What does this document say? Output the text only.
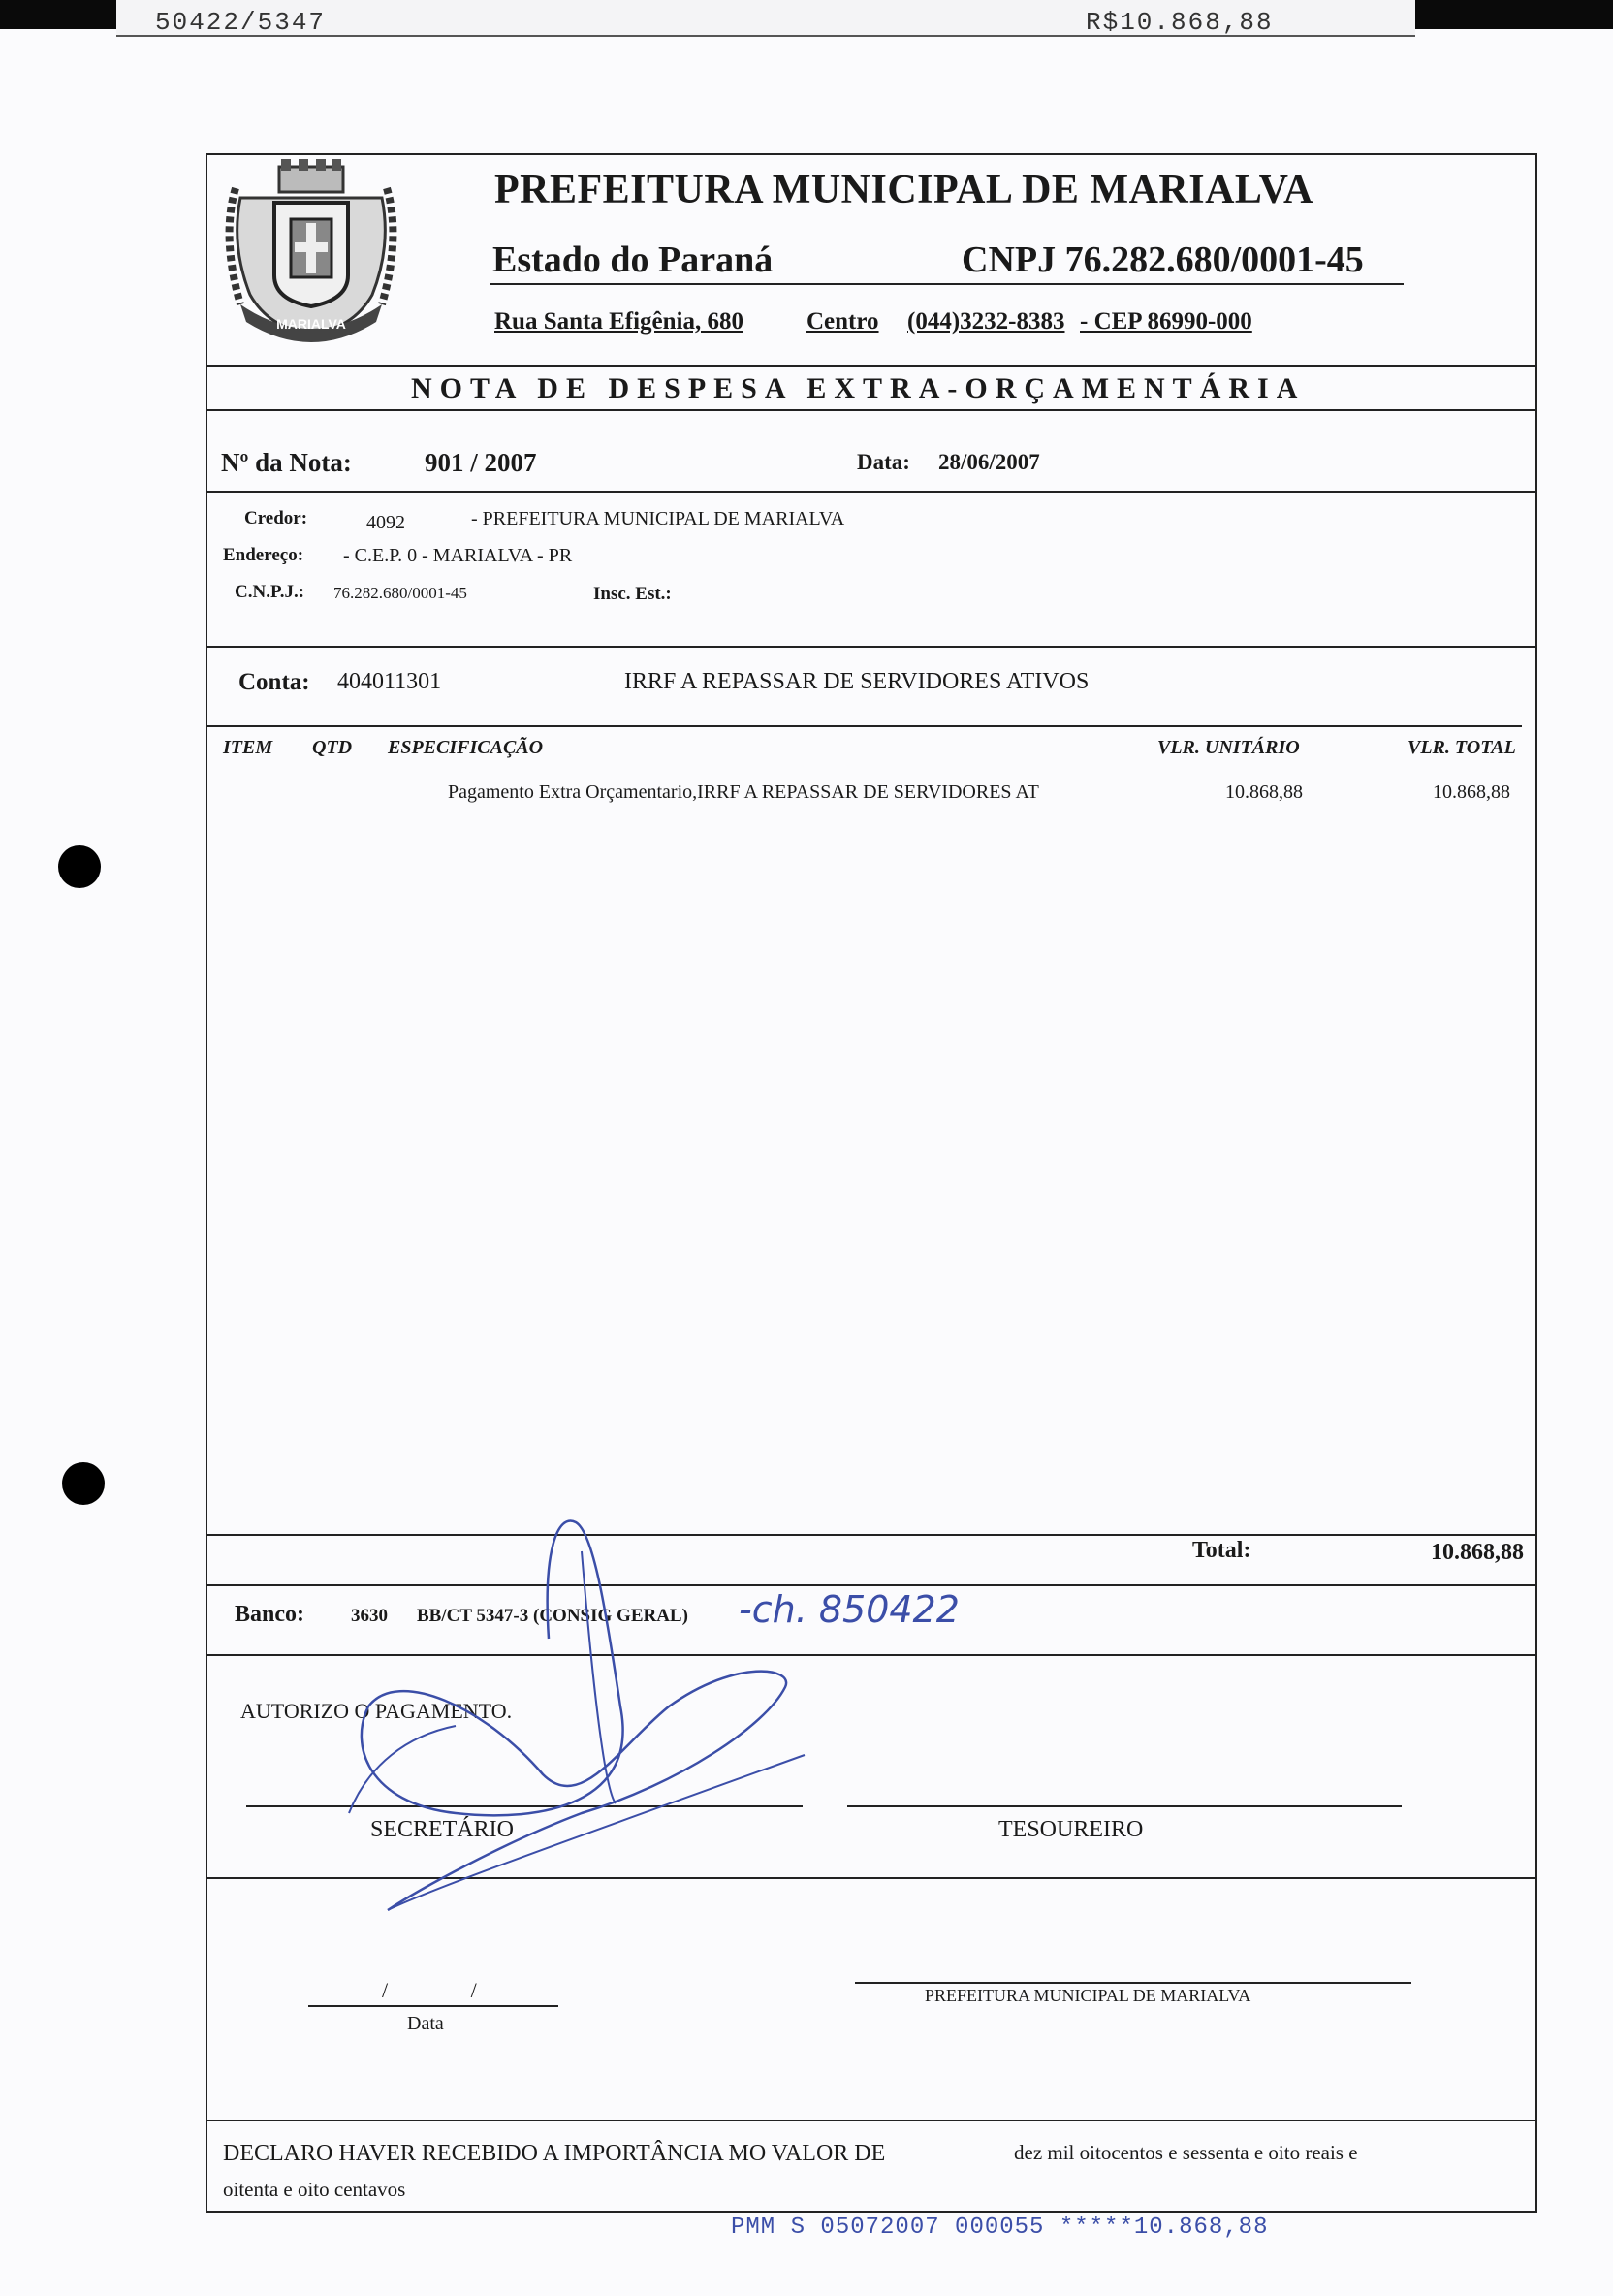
50422/5347	R$10.868,88
MARIALVA
PREFEITURA MUNICIPAL DE MARIALVA
Estado do Paraná	CNPJ 76.282.680/0001-45
Rua Santa Efigênia, 680	Centro (044)3232-8383 - CEP 86990-000
NOTA DE DESPESA EXTRA-ORÇAMENTÁRIA
Nº da Nota:	901 / 2007	Data: 28/06/2007
Credor:	4092	- PREFEITURA MUNICIPAL DE MARIALVA
Endereço: - C.E.P. 0 - MARIALVA - PR
C.N.P.J.: 76.282.680/0001-45	Insc. Est.:
Conta: 404011301	IRRF A REPASSAR DE SERVIDORES ATIVOS
ITEM QTD ESPECIFICAÇÃO	VLR. UNITÁRIO	VLR. TOTAL
Pagamento Extra Orçamentario,IRRF A REPASSAR DE SERVIDORES AT	10.868,88	10.868,88
Total:	10.868,88
Banco:	3630 BB/CT 5347-3 (CONSIG GERAL) -ch. 850422
AUTORIZO O PAGAMENTO.
SECRETÁRIO	TESOUREIRO
/ /
Data
PREFEITURA MUNICIPAL DE MARIALVA
DECLARO HAVER RECEBIDO A IMPORTÂNCIA MO VALOR DE	dez mil oitocentos e sessenta e oito reais e
oitenta e oito centavos
PMM S 05072007 000055 *****10.868,88
